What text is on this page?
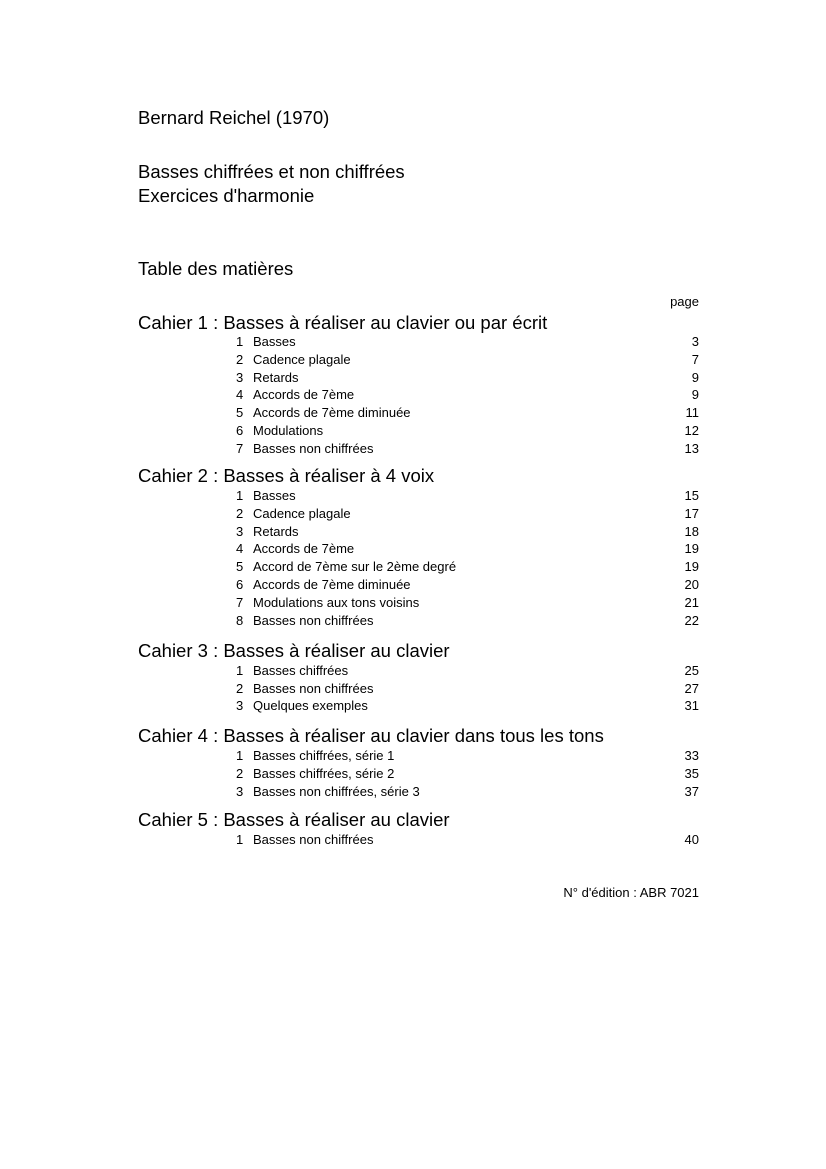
Bernard Reichel (1970)
Basses chiffrées et non chiffrées
Exercices d'harmonie
Table des matières
page
Cahier 1 : Basses à réaliser au clavier ou par écrit
1 Basses	3
2 Cadence plagale	7
3 Retards	9
4 Accords de 7ème	9
5 Accords de 7ème diminuée	11
6 Modulations	12
7 Basses non chiffrées	13
Cahier 2 : Basses à réaliser à 4 voix
1 Basses	15
2 Cadence plagale	17
3 Retards	18
4 Accords de 7ème	19
5 Accord de 7ème sur le 2ème degré	19
6 Accords de 7ème diminuée	20
7 Modulations aux tons voisins	21
8 Basses non chiffrées	22
Cahier 3 : Basses à réaliser au clavier
1 Basses chiffrées	25
2 Basses non chiffrées	27
3 Quelques exemples	31
Cahier 4 : Basses à réaliser au clavier dans tous les tons
1 Basses chiffrées, série 1	33
2 Basses chiffrées, série 2	35
3 Basses non chiffrées, série 3	37
Cahier 5 : Basses à réaliser au clavier
1 Basses non chiffrées	40
N° d'édition : ABR 7021
